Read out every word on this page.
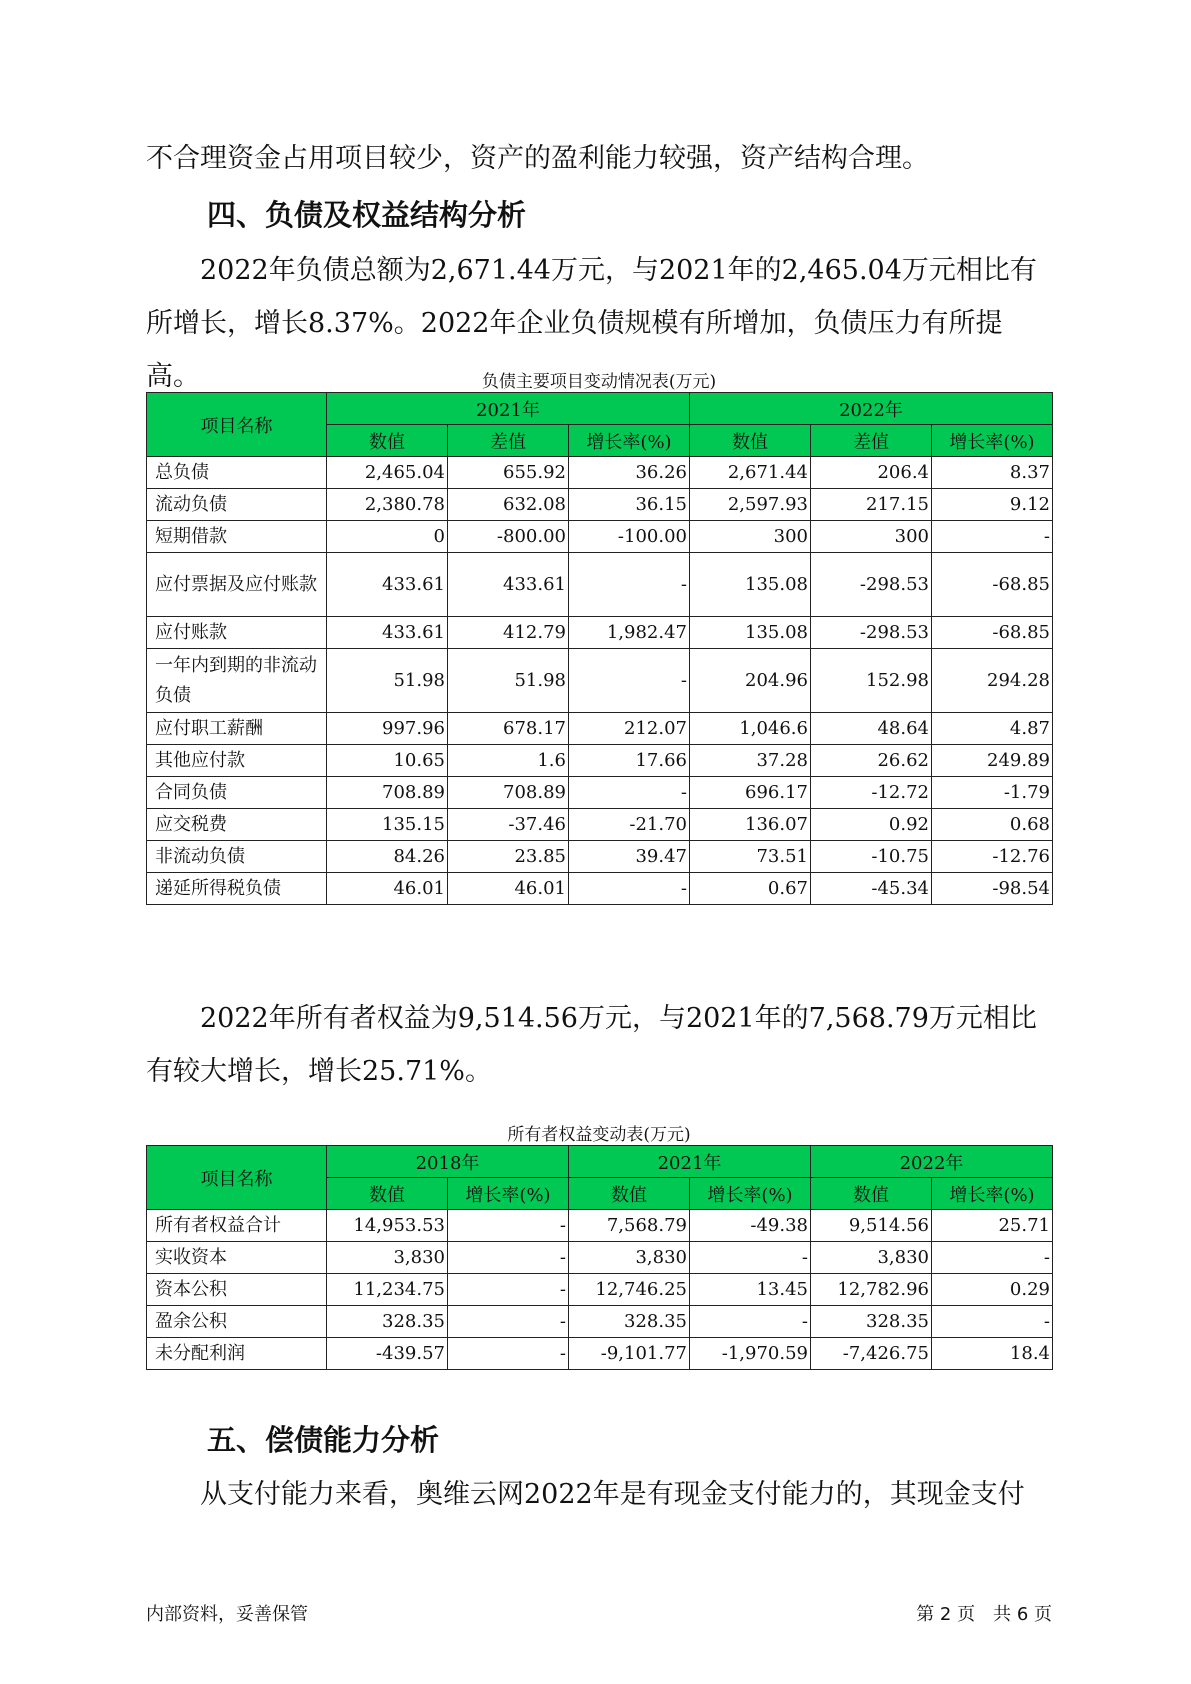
不合理资金占用项目较少，资产的盈利能力较强，资产结构合理。

四、负债及权益结构分析

2022年负债总额为2,671.44万元，与2021年的2,465.04万元相比有所增长，增长8.37%。2022年企业负债规模有所增加，负债压力有所提高。	负债主要项目变动情况表(万元)

项目名称	2021年			2022年		
	数值	差值	增长率(%)	数值	差值	增长率(%)
总负债	2,465.04	655.92	36.26	2,671.44	206.4	8.37
流动负债	2,380.78	632.08	36.15	2,597.93	217.15	9.12
短期借款	0	-800.00	-100.00	300	300	-
应付票据及应付账款	433.61	433.61	-	135.08	-298.53	-68.85
应付账款	433.61	412.79	1,982.47	135.08	-298.53	-68.85
一年内到期的非流动负债	51.98	51.98	-	204.96	152.98	294.28
应付职工薪酬	997.96	678.17	212.07	1,046.6	48.64	4.87
其他应付款	10.65	1.6	17.66	37.28	26.62	249.89
合同负债	708.89	708.89	-	696.17	-12.72	-1.79
应交税费	135.15	-37.46	-21.70	136.07	0.92	0.68
非流动负债	84.26	23.85	39.47	73.51	-10.75	-12.76
递延所得税负债	46.01	46.01	-	0.67	-45.34	-98.54

2022年所有者权益为9,514.56万元，与2021年的7,568.79万元相比有较大增长，增长25.71%。

所有者权益变动表(万元)

项目名称	2018年		2021年		2022年	
	数值	增长率(%)	数值	增长率(%)	数值	增长率(%)
所有者权益合计	14,953.53	-	7,568.79	-49.38	9,514.56	25.71
实收资本	3,830	-	3,830	-	3,830	-
资本公积	11,234.75	-	12,746.25	13.45	12,782.96	0.29
盈余公积	328.35	-	328.35	-	328.35	-
未分配利润	-439.57	-	-9,101.77	-1,970.59	-7,426.75	18.4
五、偿债能力分析

从支付能力来看，奥维云网2022年是有现金支付能力的，其现金支付

内部资料，妥善保管	第 2 页　共 6 页
